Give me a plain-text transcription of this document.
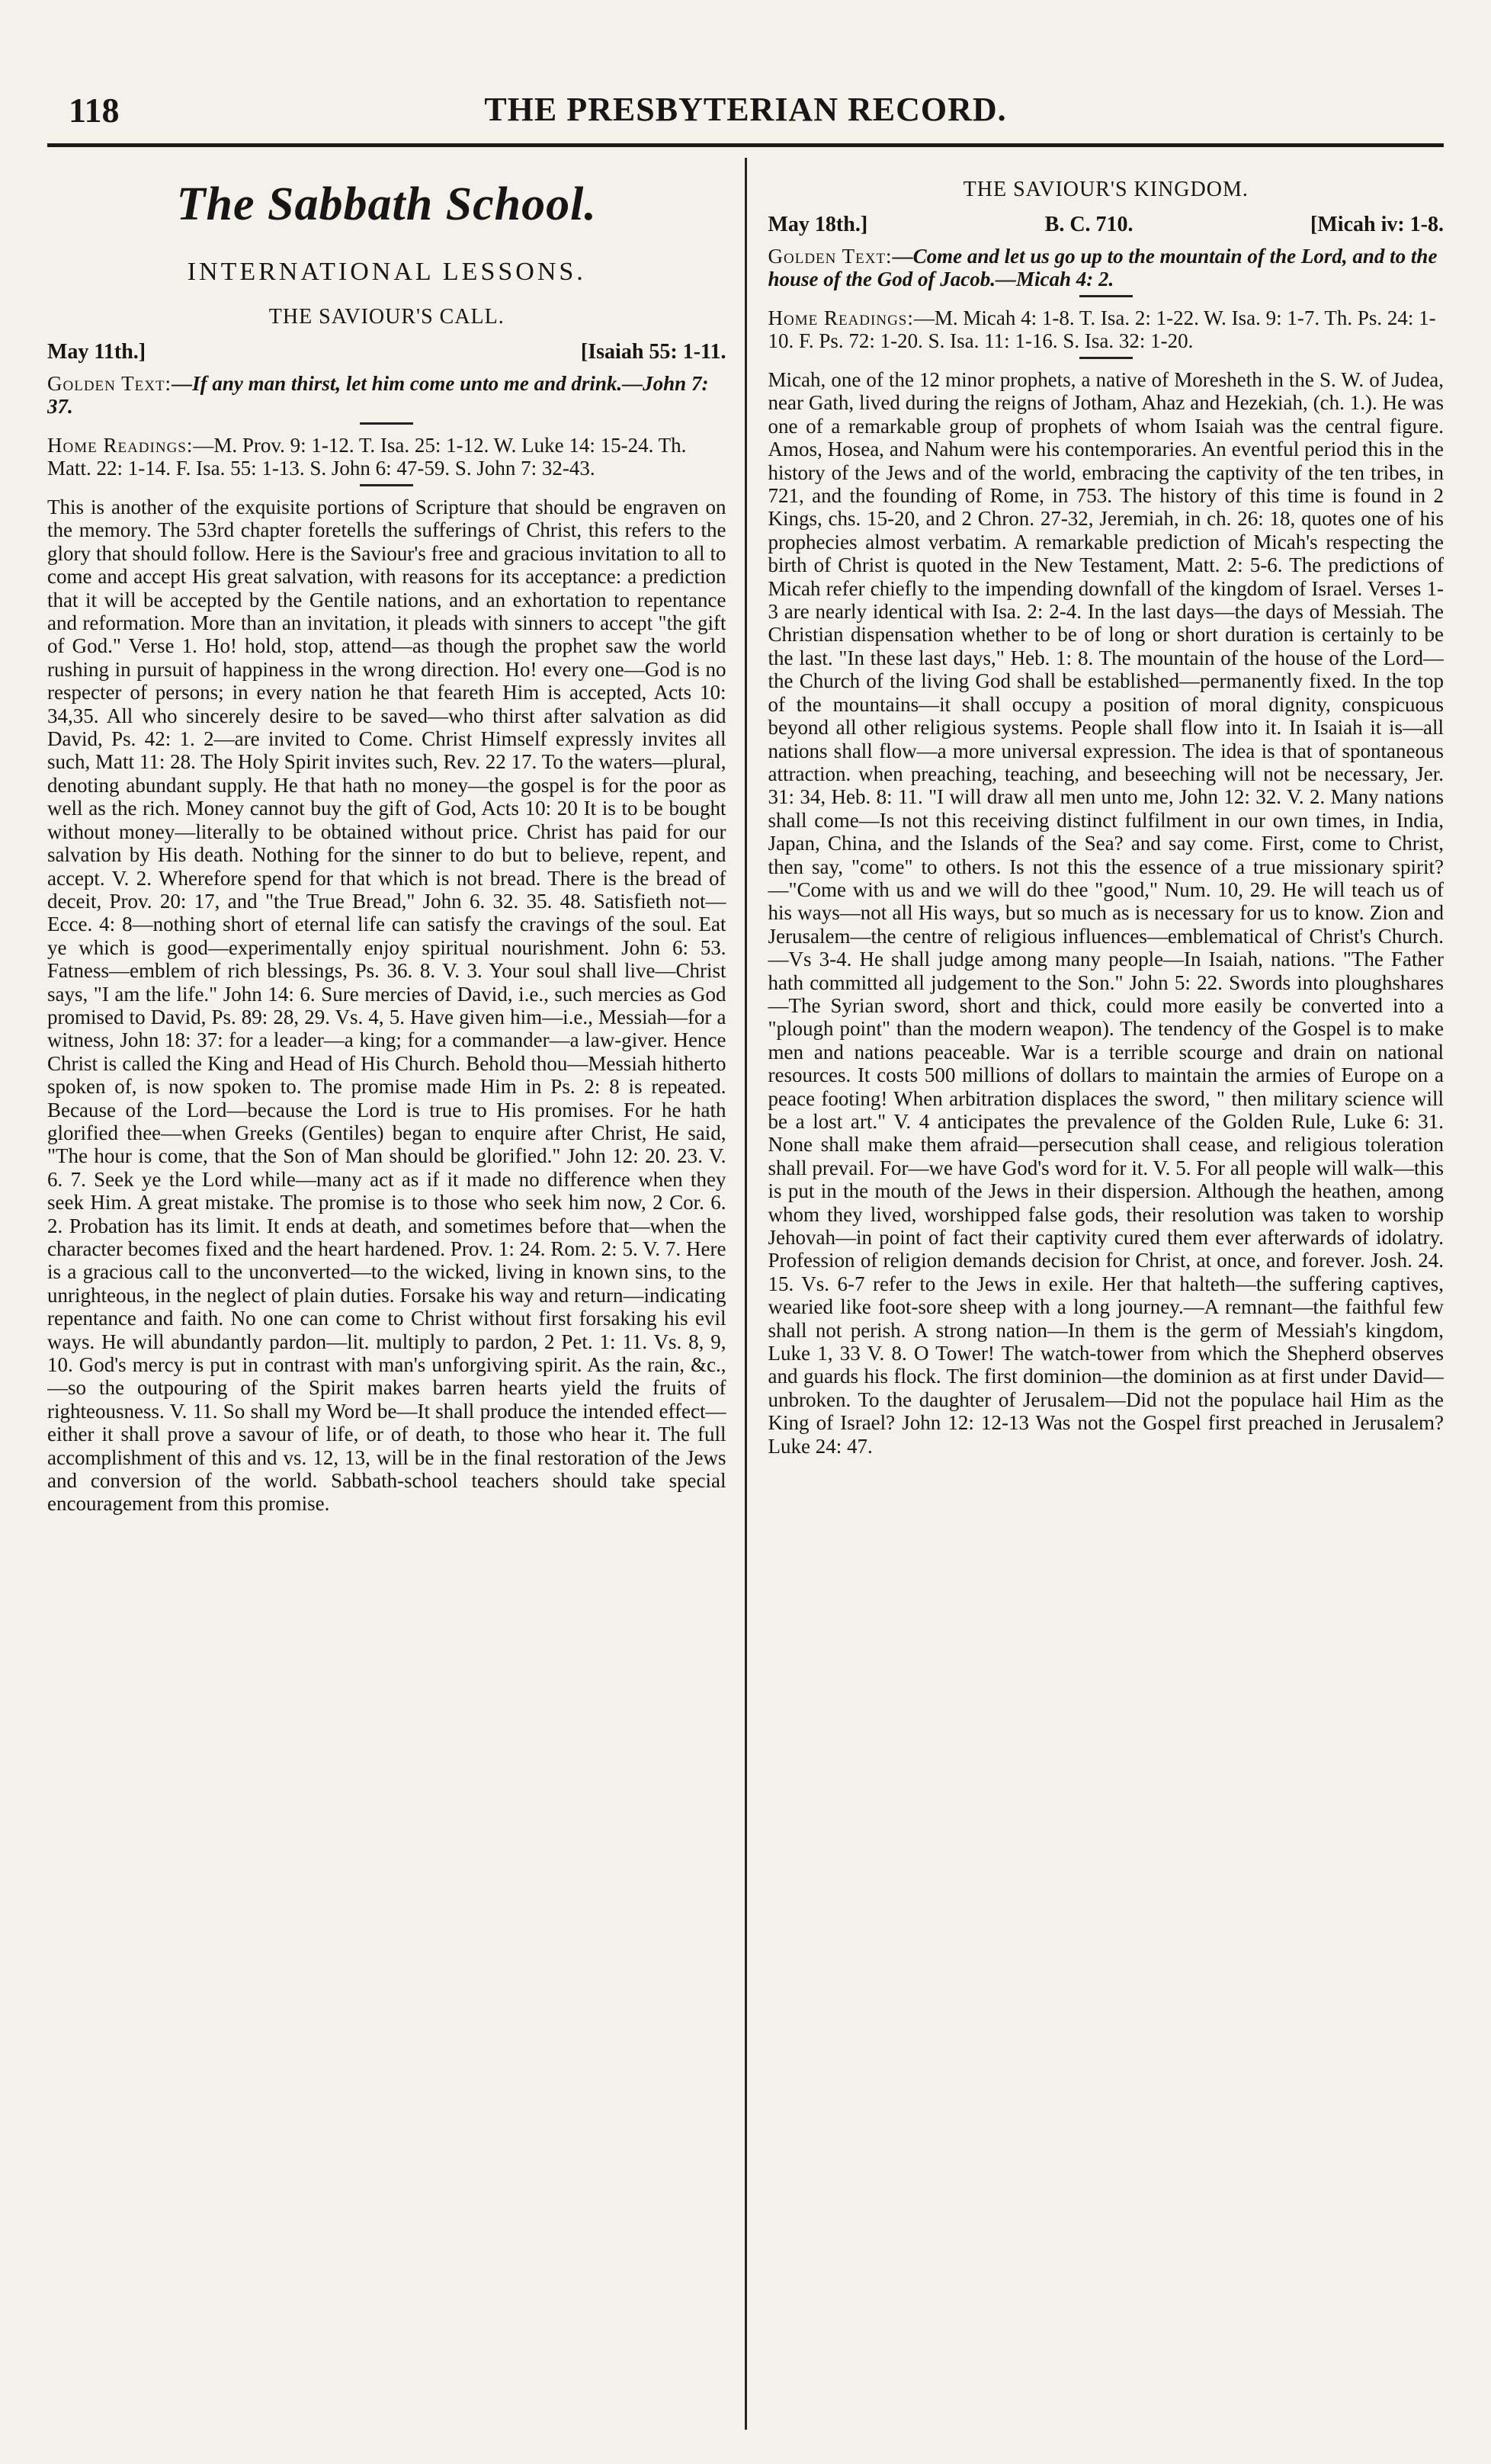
118	THE PRESBYTERIAN RECORD.
The Sabbath School.
INTERNATIONAL LESSONS.
THE SAVIOUR'S CALL.
May 11th.]	[Isaiah 55: 1-11.
Golden Text:—If any man thirst, let him come unto me and drink.—John 7: 37.
Home Readings:—M. Prov. 9: 1-12. T. Isa. 25: 1-12. W. Luke 14: 15-24. Th. Matt. 22: 1-14. F. Isa. 55: 1-13. S. John 6: 47-59. S. John 7: 32-43.

This is another of the exquisite portions of Scripture that should be engraven on the memory. The 53rd chapter foretells the sufferings of Christ, this refers to the glory that should follow. Here is the Saviour's free and gracious invitation to all to come and accept His great salvation, with reasons for its acceptance: a prediction that it will be accepted by the Gentile nations, and an exhortation to repentance and reformation. More than an invitation, it pleads with sinners to accept "the gift of God." Verse 1. Ho! hold, stop, attend—as though the prophet saw the world rushing in pursuit of happiness in the wrong direction. Ho! every one—God is no respecter of persons; in every nation he that feareth Him is accepted, Acts 10: 34,35. All who sincerely desire to be saved—who thirst after salvation as did David, Ps. 42: 1. 2—are invited to Come. Christ Himself expressly invites all such, Matt 11: 28. The Holy Spirit invites such, Rev. 22 17. To the waters—plural, denoting abundant supply. He that hath no money—the gospel is for the poor as well as the rich. Money cannot buy the gift of God, Acts 10: 20 It is to be bought without money—literally to be obtained without price. Christ has paid for our salvation by His death. Nothing for the sinner to do but to believe, repent, and accept. V. 2. Wherefore spend for that which is not bread. There is the bread of deceit, Prov. 20: 17, and "the True Bread," John 6. 32. 35. 48. Satisfieth not—Ecce. 4: 8—nothing short of eternal life can satisfy the cravings of the soul. Eat ye which is good—experimentally enjoy spiritual nourishment. John 6: 53. Fatness—emblem of rich blessings, Ps. 36. 8. V. 3. Your soul shall live—Christ says, "I am the life." John 14: 6. Sure mercies of David, i.e., such mercies as God promised to David, Ps. 89: 28, 29. Vs. 4, 5. Have given him—i.e., Messiah—for a witness, John 18: 37: for a leader—a king; for a commander—a law-giver. Hence Christ is called the King and Head of His Church. Behold thou—Messiah hitherto spoken of, is now spoken to. The promise made Him in Ps. 2: 8 is repeated. Because of the Lord—because the Lord is true to His promises. For he hath glorified thee—when Greeks (Gentiles) began to enquire after Christ, He said, "The hour is come, that the Son of Man should be glorified." John 12: 20. 23. V. 6. 7. Seek ye the Lord while—many act as if it made no difference when they seek Him. A great mistake. The promise is to those who seek him now, 2 Cor. 6. 2. Probation has its limit. It ends at death, and sometimes before that—when the character becomes fixed and the heart hardened. Prov. 1: 24. Rom. 2: 5. V. 7. Here is a gracious call to the unconverted—to the wicked, living in known sins, to the unrighteous, in the neglect of plain duties. Forsake his way and return—indicating repentance and faith. No one can come to Christ without first forsaking his evil ways. He will abundantly pardon—lit. multiply to pardon, 2 Pet. 1: 11. Vs. 8, 9, 10. God's mercy is put in contrast with man's unforgiving spirit. As the rain, &c.,—so the outpouring of the Spirit makes barren hearts yield the fruits of righteousness. V. 11. So shall my Word be—It shall produce the intended effect—either it shall prove a savour of life, or of death, to those who hear it. The full accomplishment of this and vs. 12, 13, will be in the final restoration of the Jews and conversion of the world. Sabbath-school teachers should take special encouragement from this promise.

THE SAVIOUR'S KINGDOM.
May 18th.]	B. C. 710.	[Micah iv: 1-8.
Golden Text:—Come and let us go up to the mountain of the Lord, and to the house of the God of Jacob.—Micah 4: 2.
Home Readings:—M. Micah 4: 1-8. T. Isa. 2: 1-22. W. Isa. 9: 1-7. Th. Ps. 24: 1-10. F. Ps. 72: 1-20. S. Isa. 11: 1-16. S. Isa. 32: 1-20.

Micah, one of the 12 minor prophets, a native of Moresheth in the S. W. of Judea, near Gath, lived during the reigns of Jotham, Ahaz and Hezekiah, (ch. 1.). He was one of a remarkable group of prophets of whom Isaiah was the central figure. Amos, Hosea, and Nahum were his contemporaries. An eventful period this in the history of the Jews and of the world, embracing the captivity of the ten tribes, in 721, and the founding of Rome, in 753. The history of this time is found in 2 Kings, chs. 15-20, and 2 Chron. 27-32, Jeremiah, in ch. 26: 18, quotes one of his prophecies almost verbatim. A remarkable prediction of Micah's respecting the birth of Christ is quoted in the New Testament, Matt. 2: 5-6. The predictions of Micah refer chiefly to the impending downfall of the kingdom of Israel. Verses 1-3 are nearly identical with Isa. 2: 2-4. In the last days—the days of Messiah. The Christian dispensation whether to be of long or short duration is certainly to be the last. "In these last days," Heb. 1: 8. The mountain of the house of the Lord—the Church of the living God shall be established—permanently fixed. In the top of the mountains—it shall occupy a position of moral dignity, conspicuous beyond all other religious systems. People shall flow into it. In Isaiah it is—all nations shall flow—a more universal expression. The idea is that of spontaneous attraction. when preaching, teaching, and beseeching will not be necessary, Jer. 31: 34, Heb. 8: 11. "I will draw all men unto me, John 12: 32. V. 2. Many nations shall come—Is not this receiving distinct fulfilment in our own times, in India, Japan, China, and the Islands of the Sea? and say come. First, come to Christ, then say, "come" to others. Is not this the essence of a true missionary spirit?—"Come with us and we will do thee "good," Num. 10, 29. He will teach us of his ways—not all His ways, but so much as is necessary for us to know. Zion and Jerusalem—the centre of religious influences—emblematical of Christ's Church. —Vs 3-4. He shall judge among many people—In Isaiah, nations. "The Father hath committed all judgement to the Son." John 5: 22. Swords into ploughshares—The Syrian sword, short and thick, could more easily be converted into a "plough point" than the modern weapon). The tendency of the Gospel is to make men and nations peaceable. War is a terrible scourge and drain on national resources. It costs 500 millions of dollars to maintain the armies of Europe on a peace footing! When arbitration displaces the sword, " then military science will be a lost art." V. 4 anticipates the prevalence of the Golden Rule, Luke 6: 31. None shall make them afraid—persecution shall cease, and religious toleration shall prevail. For—we have God's word for it. V. 5. For all people will walk—this is put in the mouth of the Jews in their dispersion. Although the heathen, among whom they lived, worshipped false gods, their resolution was taken to worship Jehovah—in point of fact their captivity cured them ever afterwards of idolatry. Profession of religion demands decision for Christ, at once, and forever. Josh. 24. 15. Vs. 6-7 refer to the Jews in exile. Her that halteth—the suffering captives, wearied like foot-sore sheep with a long journey.—A remnant—the faithful few shall not perish. A strong nation—In them is the germ of Messiah's kingdom, Luke 1, 33 V. 8. O Tower! The watch-tower from which the Shepherd observes and guards his flock. The first dominion—the dominion as at first under David—unbroken. To the daughter of Jerusalem—Did not the populace hail Him as the King of Israel? John 12: 12-13 Was not the Gospel first preached in Jerusalem? Luke 24: 47.
